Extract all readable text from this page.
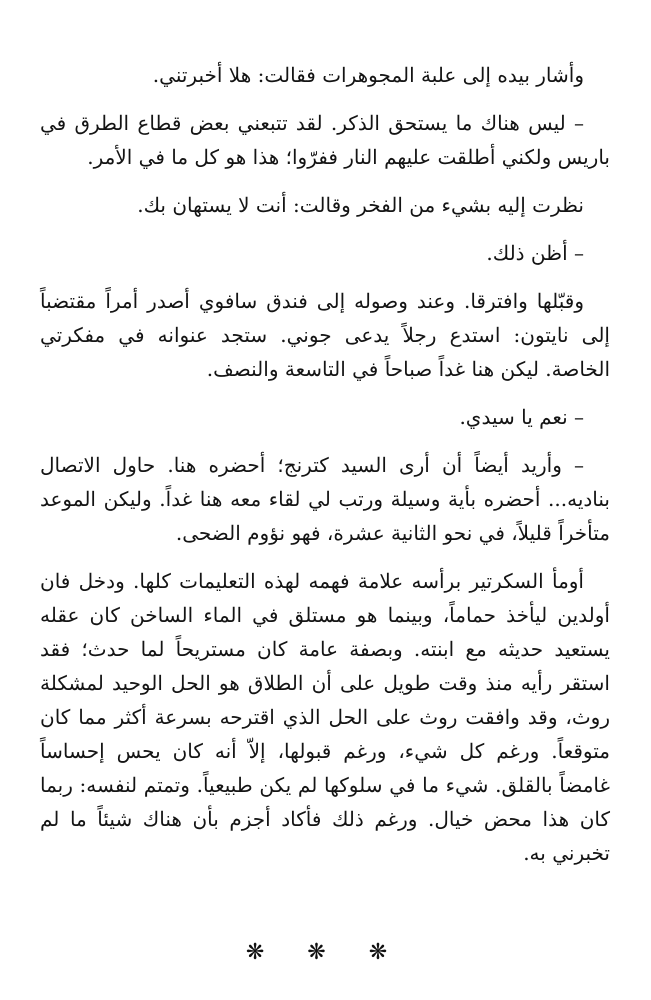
وأشار بيده إلى علبة المجوهرات فقالت: هلا أخبرتني.

– ليس هناك ما يستحق الذكر. لقد تتبعني بعض قطاع الطرق في باريس ولكني أطلقت عليهم النار ففرّوا؛ هذا هو كل ما في الأمر.

نظرت إليه بشيء من الفخر وقالت: أنت لا يستهان بك.

– أظن ذلك.

وقبّلها وافترقا. وعند وصوله إلى فندق سافوي أصدر أمراً مقتضباً إلى نايتون: استدع رجلاً يدعى جوني. ستجد عنوانه في مفكرتي الخاصة. ليكن هنا غداً صباحاً في التاسعة والنصف.

– نعم يا سيدي.

– وأريد أيضاً أن أرى السيد كترنج؛ أحضره هنا. حاول الاتصال بناديه... أحضره بأية وسيلة ورتب لي لقاء معه هنا غداً. وليكن الموعد متأخراً قليلاً، في نحو الثانية عشرة، فهو نؤوم الضحى.

أومأ السكرتير برأسه علامة فهمه لهذه التعليمات كلها. ودخل فان أولدين ليأخذ حماماً، وبينما هو مستلق في الماء الساخن كان عقله يستعيد حديثه مع ابنته. وبصفة عامة كان مستريحاً لما حدث؛ فقد استقر رأيه منذ وقت طويل على أن الطلاق هو الحل الوحيد لمشكلة روث، وقد وافقت روث على الحل الذي اقترحه بسرعة أكثر مما كان متوقعاً. ورغم كل شيء، ورغم قبولها، إلاّ أنه كان يحس إحساساً غامضاً بالقلق. شيء ما في سلوكها لم يكن طبيعياً. وتمتم لنفسه: ربما كان هذا محض خيال. ورغم ذلك فأكاد أجزم بأن هناك شيئاً ما لم تخبرني به.

❋ ❋ ❋
